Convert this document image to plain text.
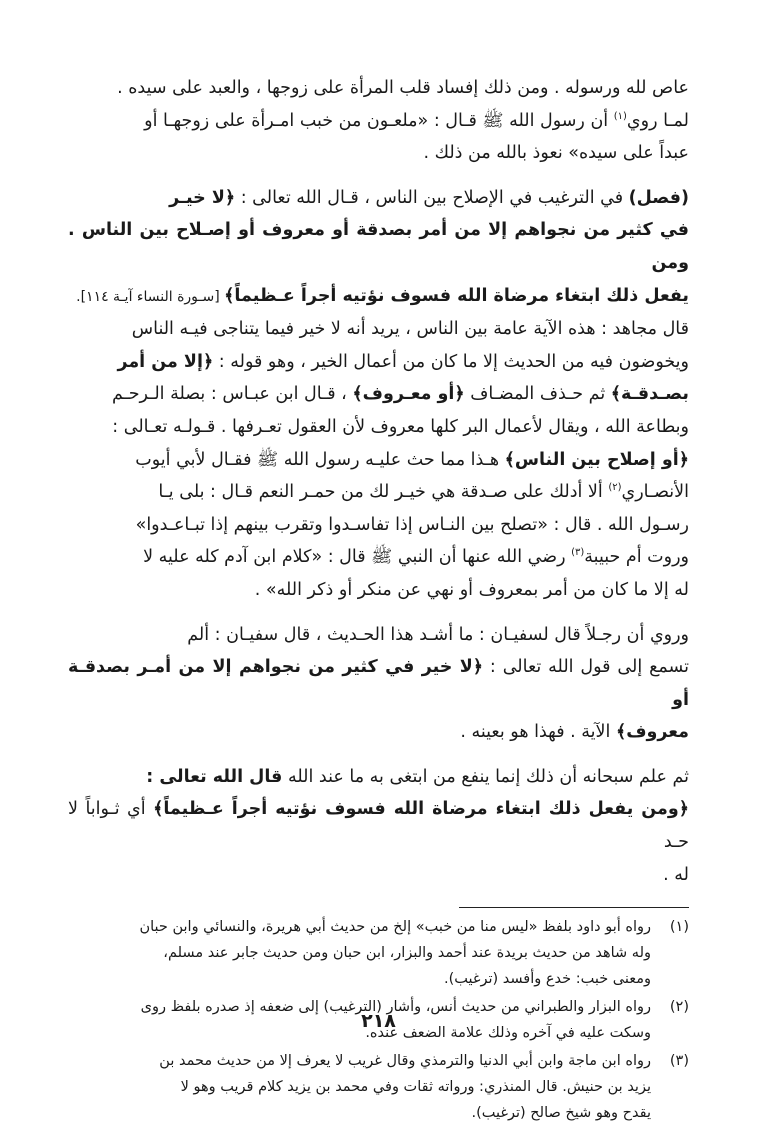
عاص لله ورسوله . ومن ذلك إفساد قلب المرأة على زوجها ، والعبد على سيده .
لمـا روي$^{(١)}$ أن رسول الله ﷺ قـال : «ملعـون من خبب امـرأة على زوجهـا أو
عبداً على سيده» نعوذ بالله من ذلك .

(فصل) في الترغيب في الإصلاح بين الناس ، قـال الله تعالى : ﴿لا خيـر
في كثير من نجواهم إلا من أمر بصدقة أو معروف أو إصـلاح بين الناس . ومن
يفعل ذلك ابتغاء مرضاة الله فسوف نؤتيه أجراً عـظيماً﴾ [سـورة النساء آيـة ١١٤].
قال مجاهد : هذه الآية عامة بين الناس ، يريد أنه لا خير فيما يتناجى فيـه الناس
ويخوضون فيه من الحديث إلا ما كان من أعمال الخير ، وهو قوله : ﴿إلا من أمر
بصـدقـة﴾ ثم حـذف المضـاف ﴿أو معـروف﴾ ، قـال ابن عبـاس : بصلة الـرحـم
وبطاعة الله ، ويقال لأعمال البر كلها معروف لأن العقول تعـرفها . قـولـه تعـالى :
﴿أو إصلاح بين الناس﴾ هـذا مما حث عليـه رسول الله ﷺ فقـال لأبي أيوب
الأنصـاري$^{(٢)}$ ألا أدلك على صـدقة هي خيـر لك من حمـر النعم قـال : بلى يـا
رسـول الله . قال : «تصلح بين النـاس إذا تفاسـدوا وتقرب بينهم إذا تبـاعـدوا»
وروت أم حبيبة$^{(٣)}$ رضي الله عنها أن النبي ﷺ قال : «كلام ابن آدم كله عليه لا
له إلا ما كان من أمر بمعروف أو نهي عن منكر أو ذكر الله» .

وروي أن رجـلاً قال لسفيـان : ما أشـد هذا الحـديث ، قال سفيـان : ألم
تسمع إلى قول الله تعالى : ﴿لا خير في كثير من نجواهم إلا من أمـر بصدقـة أو
معروف﴾ الآية . فهذا هو بعينه .

ثم علم سبحانه أن ذلك إنما ينفع من ابتغى به ما عند الله قال الله تعالى :
﴿ومن يفعل ذلك ابتغاء مرضاة الله فسوف نؤتيه أجراً عـظيماً﴾ أي ثـواباً لا حـد
له .

(١)
رواه أبو داود بلفظ «ليس منا من خبب» إلخ من حديث أبي هريرة، والنسائي وابن حبان
وله شاهد من حديث بريدة عند أحمد والبزار، ابن حبان ومن حديث جابر عند مسلم،
ومعنى خبب: خدع وأفسد (ترغيب).
(٢)
رواه البزار والطبراني من حديث أنس، وأشار (الترغيب) إلى ضعفه إذ صدره بلفظ روى
وسكت عليه في آخره وذلك علامة الضعف عنده.
(٣)
رواه ابن ماجة وابن أبي الدنيا والترمذي وقال غريب لا يعرف إلا من حديث محمد بن
يزيد بن حنيش. قال المنذري: ورواته ثقات وفي محمد بن يزيد كلام قريب وهو لا
يقدح وهو شيخ صالح (ترغيب).
٢١٨
